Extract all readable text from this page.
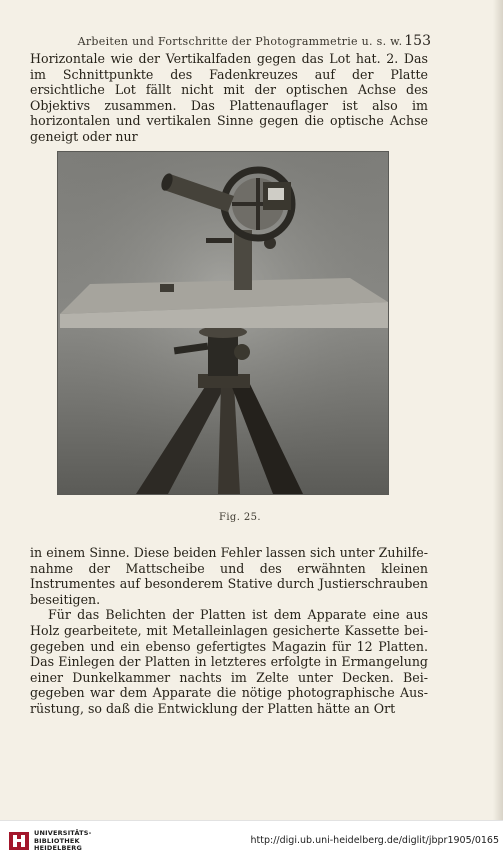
Arbeiten und Fortschritte der Photogrammetrie u. s. w. 153

Horizontale wie der Vertikalfaden gegen das Lot hat. 2. Das im Schnittpunkte des Fadenkreuzes auf der Platte ersichtliche Lot fällt nicht mit der optischen Achse des Objektivs zusammen. Das Plattenauflager ist also im horizontalen und vertikalen Sinne gegen die optische Achse geneigt oder nur

Fig. 25.

in einem Sinne. Diese beiden Fehler lassen sich unter Zuhilfenahme der Mattscheibe und des erwähnten kleinen Instrumentes auf besonderem Stative durch Justierschrauben beseitigen.

Für das Belichten der Platten ist dem Apparate eine aus Holz gearbeitete, mit Metalleinlagen gesicherte Kassette beigegeben und ein ebenso gefertigtes Magazin für 12 Platten. Das Einlegen der Platten in letzteres erfolgte in Ermangelung einer Dunkelkammer nachts im Zelte unter Decken. Beigegeben war dem Apparate die nötige photographische Ausrüstung, so daß die Entwicklung der Platten hätte an Ort

UNIVERSITÄTS-
BIBLIOTHEK
HEIDELBERG
http://digi.ub.uni-heidelberg.de/diglit/jbpr1905/0165
